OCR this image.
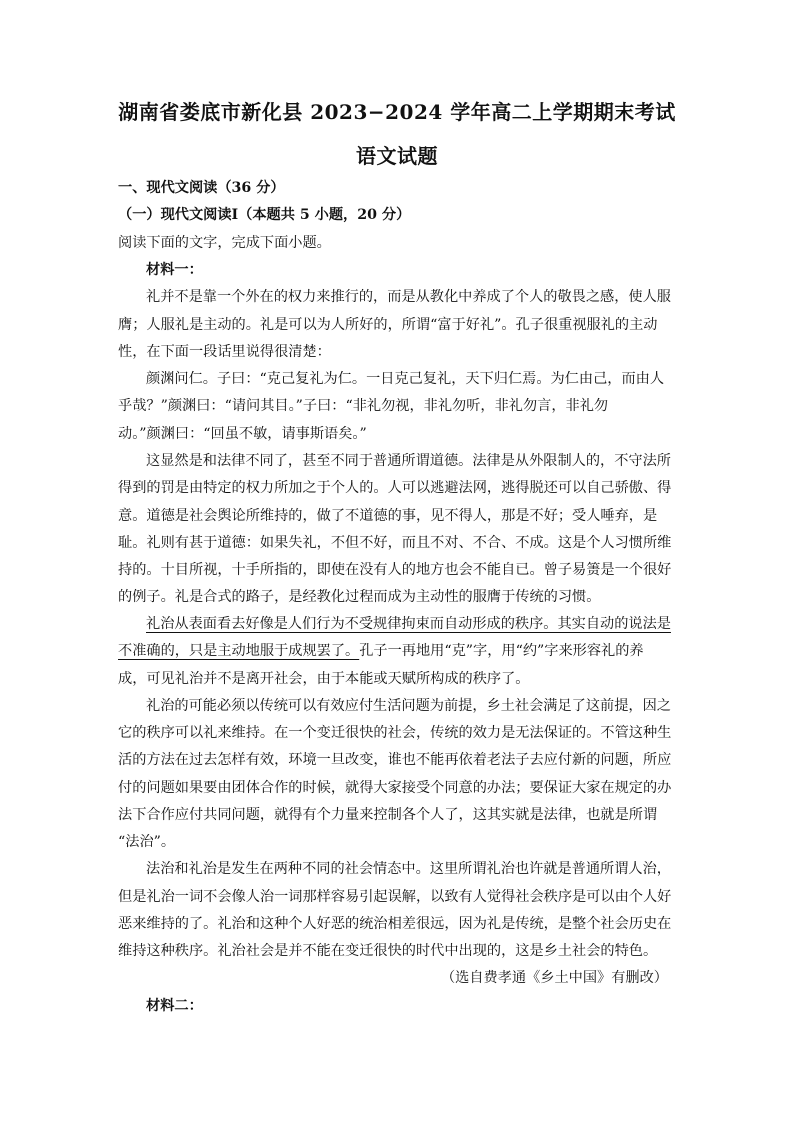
湖南省娄底市新化县 2023−2024 学年高二上学期期末考试
语文试题
一、现代文阅读（36 分）
（一）现代文阅读Ⅰ（本题共 5 小题，20 分）
阅读下面的文字，完成下面小题。
材料一：
礼并不是靠一个外在的权力来推行的，而是从教化中养成了个人的敬畏之感，使人服
膺；人服礼是主动的。礼是可以为人所好的，所谓“富于好礼”。孔子很重视服礼的主动
性，在下面一段话里说得很清楚：
颜渊问仁。子曰：“克己复礼为仁。一日克己复礼，天下归仁焉。为仁由己，而由人
乎哉？”颜渊曰：“请问其目。”子曰：“非礼勿视，非礼勿听，非礼勿言，非礼勿
动。”颜渊曰：“回虽不敏，请事斯语矣。”
这显然是和法律不同了，甚至不同于普通所谓道德。法律是从外限制人的，不守法所
得到的罚是由特定的权力所加之于个人的。人可以逃避法网，逃得脱还可以自己骄傲、得
意。道德是社会舆论所维持的，做了不道德的事，见不得人，那是不好；受人唾弃，是
耻。礼则有甚于道德：如果失礼，不但不好，而且不对、不合、不成。这是个人习惯所维
持的。十目所视，十手所指的，即使在没有人的地方也会不能自已。曾子易箦是一个很好
的例子。礼是合式的路子，是经教化过程而成为主动性的服膺于传统的习惯。
礼治从表面看去好像是人们行为不受规律拘束而自动形成的秩序。其实自动的说法是
不准确的，只是主动地服于成规罢了。孔子一再地用“克”字，用“约”字来形容礼的养
成，可见礼治并不是离开社会，由于本能或天赋所构成的秩序了。
礼治的可能必须以传统可以有效应付生活问题为前提，乡土社会满足了这前提，因之
它的秩序可以礼来维持。在一个变迁很快的社会，传统的效力是无法保证的。不管这种生
活的方法在过去怎样有效，环境一旦改变，谁也不能再依着老法子去应付新的问题，所应
付的问题如果要由团体合作的时候，就得大家接受个同意的办法；要保证大家在规定的办
法下合作应付共同问题，就得有个力量来控制各个人了，这其实就是法律，也就是所谓
“法治”。
法治和礼治是发生在两种不同的社会情态中。这里所谓礼治也许就是普通所谓人治，
但是礼治一词不会像人治一词那样容易引起误解，以致有人觉得社会秩序是可以由个人好
恶来维持的了。礼治和这种个人好恶的统治相差很远，因为礼是传统，是整个社会历史在
维持这种秩序。礼治社会是并不能在变迁很快的时代中出现的，这是乡土社会的特色。
（选自费孝通《乡土中国》有删改）
材料二：
